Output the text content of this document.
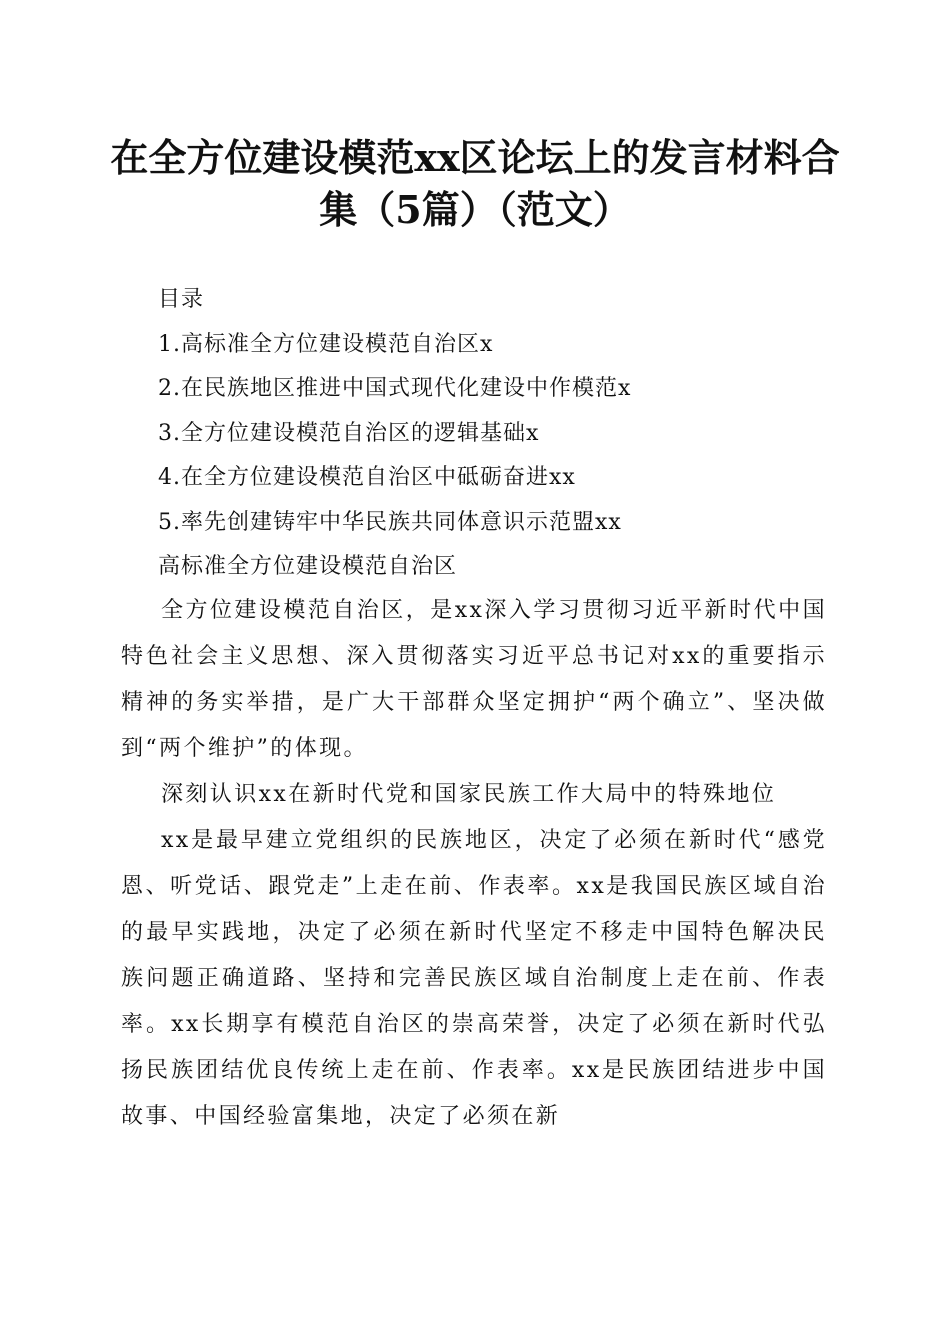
在全方位建设模范xx区论坛上的发言材料合
集（5篇）（范文）
目录
1.高标准全方位建设模范自治区x
2.在民族地区推进中国式现代化建设中作模范x
3.全方位建设模范自治区的逻辑基础x
4.在全方位建设模范自治区中砥砺奋进xx
5.率先创建铸牢中华民族共同体意识示范盟xx
高标准全方位建设模范自治区

全方位建设模范自治区，是xx深入学习贯彻习近平新时代中国特色社会主义思想、深入贯彻落实习近平总书记对xx的重要指示精神的务实举措，是广大干部群众坚定拥护“两个确立”、坚决做到“两个维护”的体现。

深刻认识xx在新时代党和国家民族工作大局中的特殊地位

xx是最早建立党组织的民族地区，决定了必须在新时代“感党恩、听党话、跟党走”上走在前、作表率。xx是我国民族区域自治的最早实践地，决定了必须在新时代坚定不移走中国特色解决民族问题正确道路、坚持和完善民族区域自治制度上走在前、作表率。xx长期享有模范自治区的崇高荣誉，决定了必须在新时代弘扬民族团结优良传统上走在前、作表率。xx是民族团结进步中国故事、中国经验富集地，决定了必须在新
